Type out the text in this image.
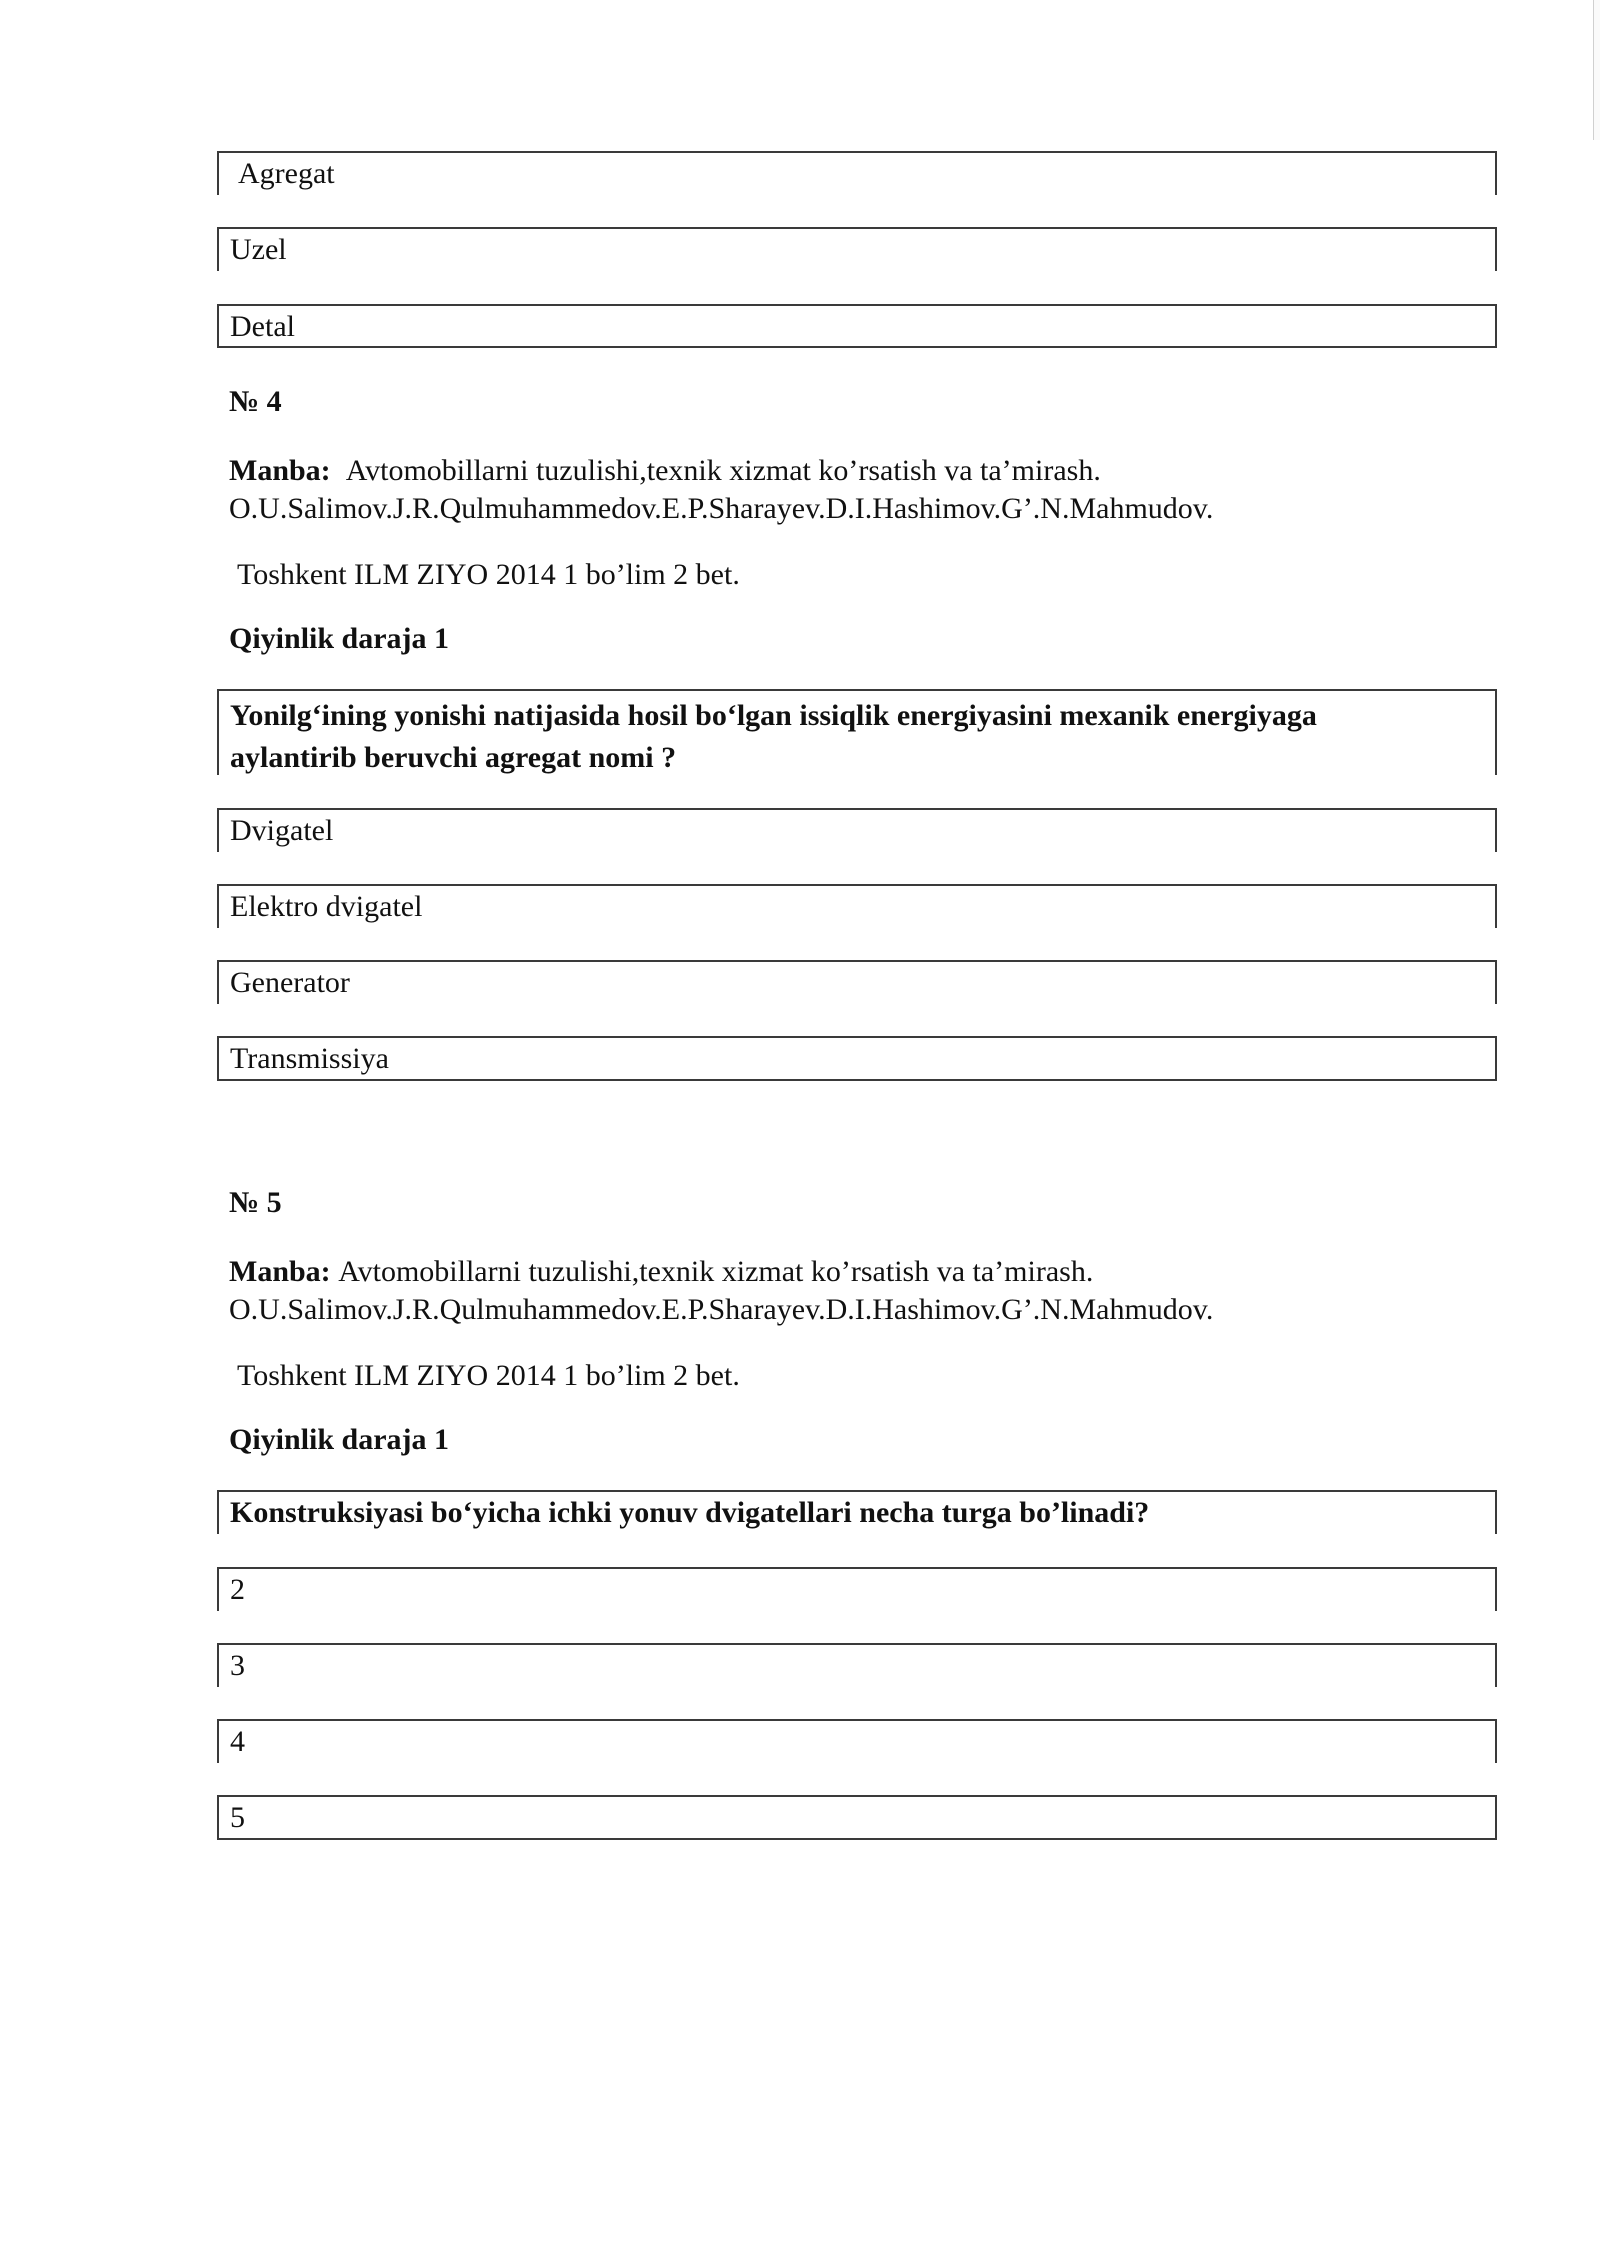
Agregat
Uzel
Detal
№ 4
Manba: Avtomobillarni tuzulishi,texnik xizmat ko’rsatish va ta’mirash.
O.U.Salimov.J.R.Qulmuhammedov.E.P.Sharayev.D.I.Hashimov.G’.N.Mahmudov.
Toshkent ILM ZIYO 2014 1 bo’lim 2 bet.
Qiyinlik daraja 1
Yonilg‘ining yonishi natijasida hosil bo‘lgan issiqlik energiyasini mexanik energiyaga
aylantirib beruvchi agregat nomi ?
Dvigatel
Elektro dvigatel
Generator
Transmissiya
№ 5
Manba: Avtomobillarni tuzulishi,texnik xizmat ko’rsatish va ta’mirash.
O.U.Salimov.J.R.Qulmuhammedov.E.P.Sharayev.D.I.Hashimov.G’.N.Mahmudov.
Toshkent ILM ZIYO 2014 1 bo’lim 2 bet.
Qiyinlik daraja 1
Konstruksiyasi bo‘yicha ichki yonuv dvigatellari necha turga bo’linadi?
2
3
4
5
